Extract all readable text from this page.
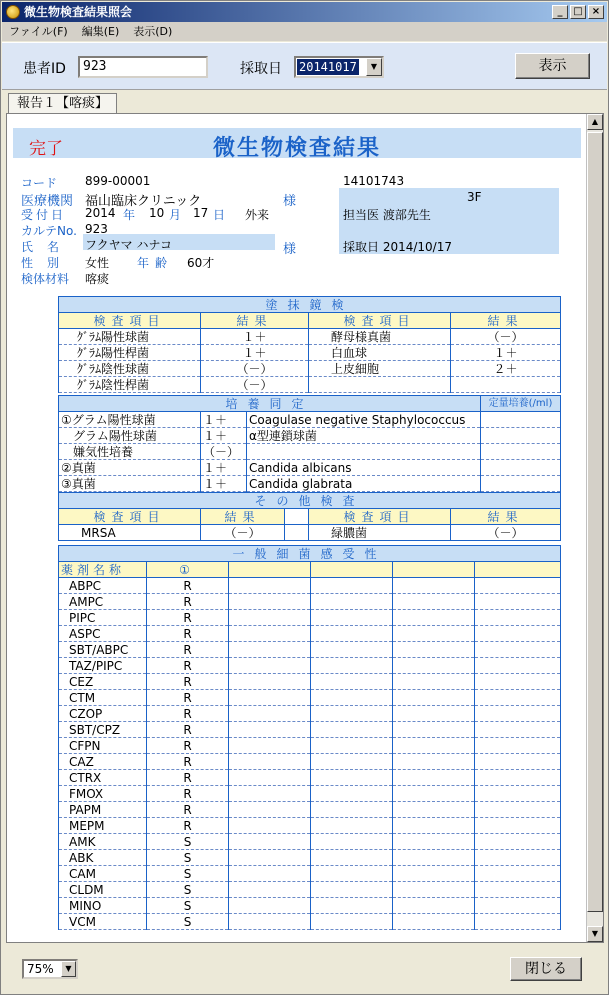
微生物検査結果照会	_	□ ×
ファイル(F)	編集(E)	表示(D)
患者ID	923	採取日 20141017	▼	表示
報告１【喀痰】
完了	微生物検査結果
コード 899-00001	14101743
医療機関 福山臨床クリニック	様	3F
担当医 渡部先生
受付日 2014 年 10 月 17 日 外来
カルテNo. 923
氏名 フクヤマ ハナコ	様	採取日 2014/10/17
性別 女性 年齢 60才
検体材料 喀痰
塗抹鏡検			
検査項目	結果	検査項目	結果
ｸﾞﾗﾑ陽性球菌	１＋	酵母様真菌	（－）
ｸﾞﾗﾑ陽性桿菌	１＋	白血球	１＋
ｸﾞﾗﾑ陰性球菌	（－）	上皮細胞	２＋
ｸﾞﾗﾑ陰性桿菌	（－）		
培養同定			定量培養(/ml)
①グラム陽性球菌	１＋	Coagulase negative Staphylococcus	
　グラム陽性球菌	１＋	α型連鎖球菌	
　嫌気性培養	（－）		
②真菌	１＋	Candida albicans	
③真菌	１＋	Candida glabrata	
その他検査				
検査項目	結果		検査項目	結果
MRSA	（－）		緑膿菌	（－）
一般細菌感受性					
薬剤名称	①				
ABPC	R				
AMPC	R				
PIPC	R				
ASPC	R				
SBT/ABPC	R				
TAZ/PIPC	R				
CEZ	R				
CTM	R				
CZOP	R				
SBT/CPZ	R				
CFPN	R				
CAZ	R				
CTRX	R				
FMOX	R				
PAPM	R				
MEPM	R				
AMK	S				
ABK	S				
CAM	S				
CLDM	S				
MINO	S				
VCM	S				
▲
▼
75%	▼	閉じる
